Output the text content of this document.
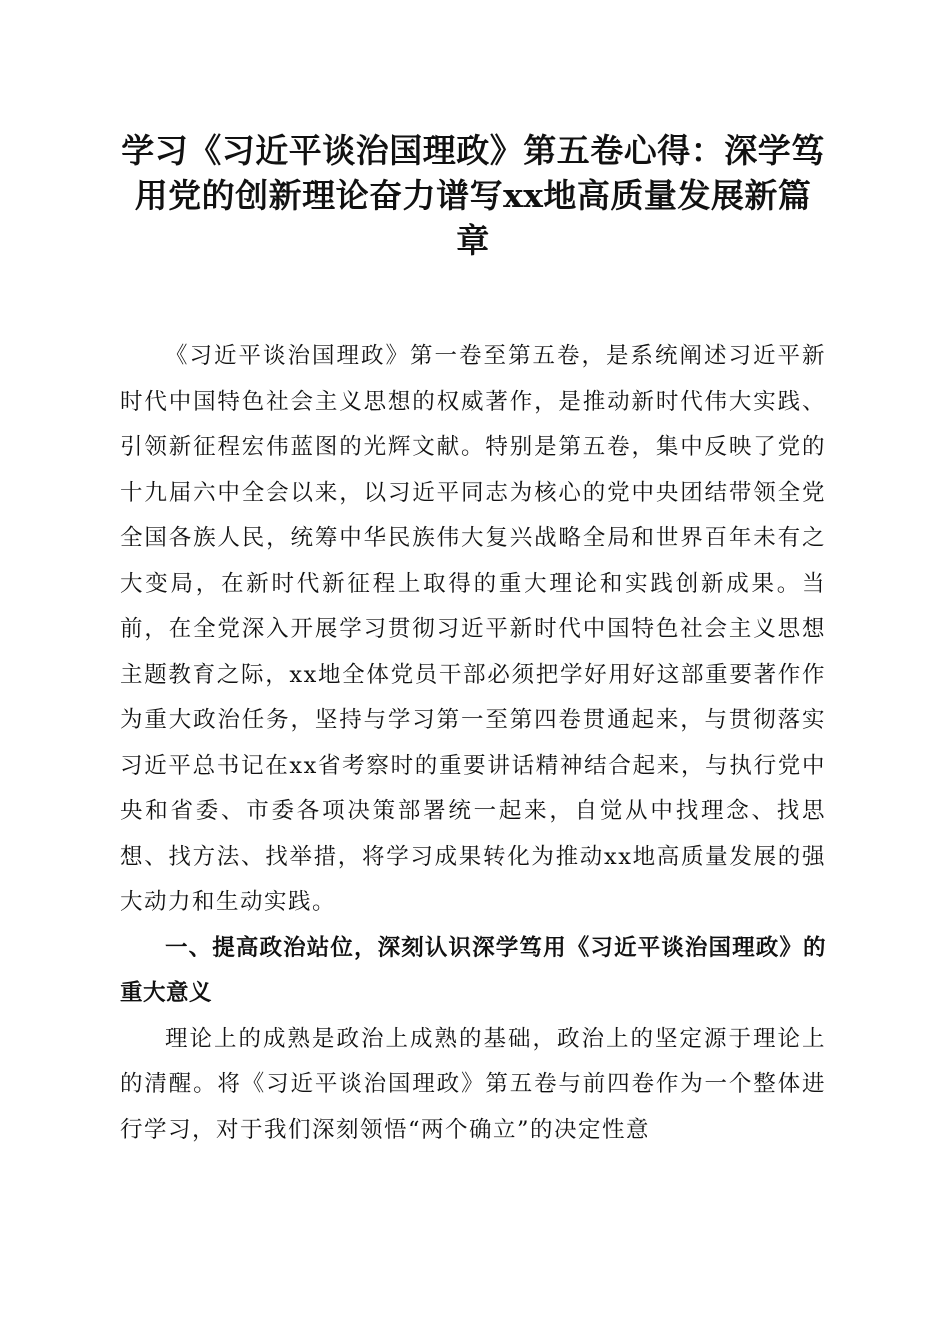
学习《习近平谈治国理政》第五卷心得：深学笃用党的创新理论奋力谱写xx地高质量发展新篇章

《习近平谈治国理政》第一卷至第五卷，是系统阐述习近平新时代中国特色社会主义思想的权威著作，是推动新时代伟大实践、引领新征程宏伟蓝图的光辉文献。特别是第五卷，集中反映了党的十九届六中全会以来，以习近平同志为核心的党中央团结带领全党全国各族人民，统筹中华民族伟大复兴战略全局和世界百年未有之大变局，在新时代新征程上取得的重大理论和实践创新成果。当前，在全党深入开展学习贯彻习近平新时代中国特色社会主义思想主题教育之际，xx地全体党员干部必须把学好用好这部重要著作作为重大政治任务，坚持与学习第一至第四卷贯通起来，与贯彻落实习近平总书记在xx省考察时的重要讲话精神结合起来，与执行党中央和省委、市委各项决策部署统一起来，自觉从中找理念、找思想、找方法、找举措，将学习成果转化为推动xx地高质量发展的强大动力和生动实践。

一、提高政治站位，深刻认识深学笃用《习近平谈治国理政》的重大意义

理论上的成熟是政治上成熟的基础，政治上的坚定源于理论上的清醒。将《习近平谈治国理政》第五卷与前四卷作为一个整体进行学习，对于我们深刻领悟“两个确立”的决定性意
